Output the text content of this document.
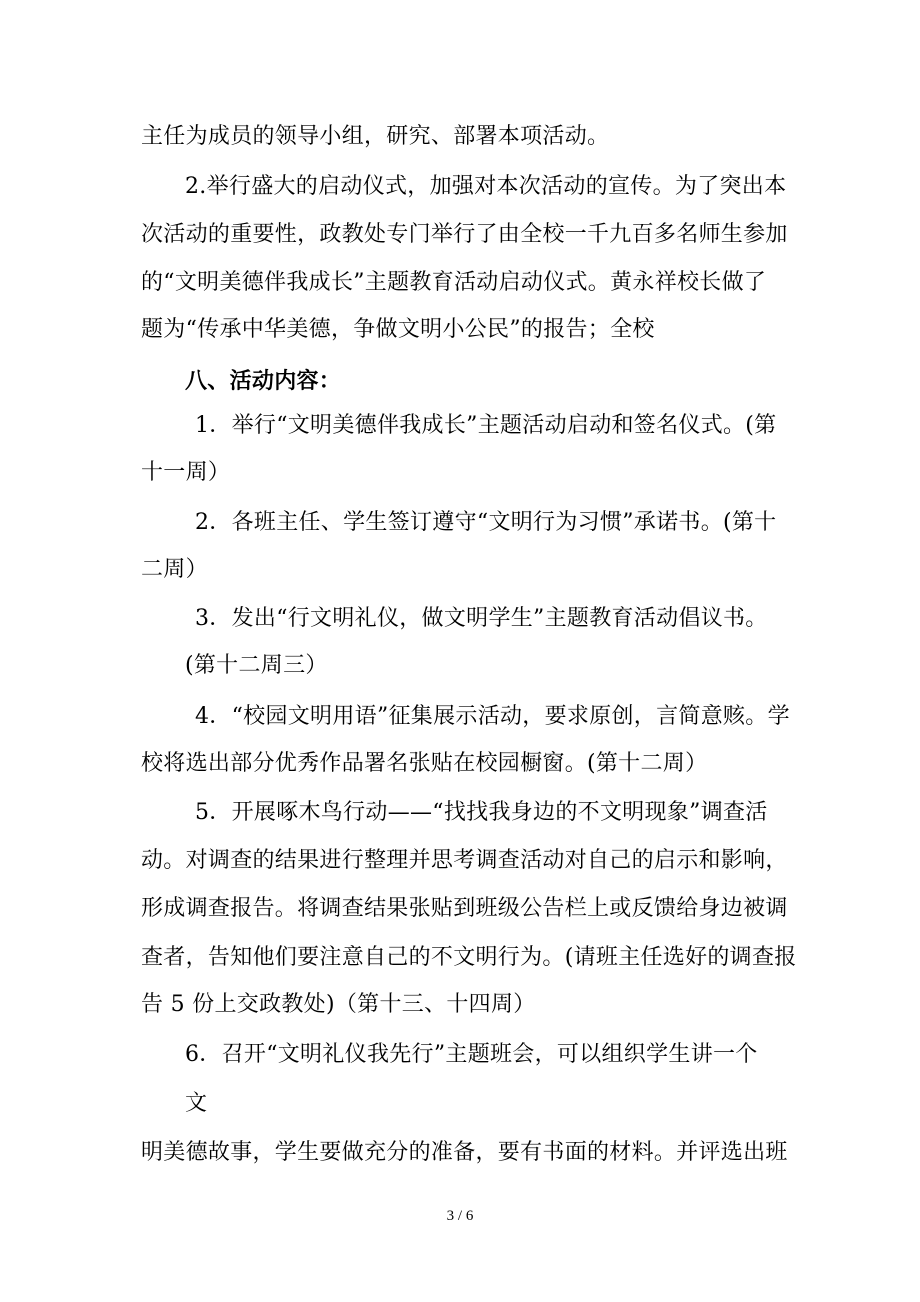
主任为成员的领导小组，研究、部署本项活动。
2.举行盛大的启动仪式，加强对本次活动的宣传。为了突出本
次活动的重要性，政教处专门举行了由全校一千九百多名师生参加
的“文明美德伴我成长”主题教育活动启动仪式。黄永祥校长做了
题为“传承中华美德，争做文明小公民”的报告；全校
八、活动内容：
1．举行“文明美德伴我成长”主题活动启动和签名仪式。(第
十一周）
2．各班主任、学生签订遵守“文明行为习惯”承诺书。(第十
二周）
3．发出“行文明礼仪，做文明学生”主题教育活动倡议书。
(第十二周三）
4．“校园文明用语”征集展示活动，要求原创，言简意赅。学
校将选出部分优秀作品署名张贴在校园橱窗。(第十二周）
5．开展啄木鸟行动——“找找我身边的不文明现象”调查活
动。对调查的结果进行整理并思考调查活动对自己的启示和影响，
形成调查报告。将调查结果张贴到班级公告栏上或反馈给身边被调
查者，告知他们要注意自己的不文明行为。(请班主任选好的调查报
告 5 份上交政教处)（第十三、十四周）
6．召开“文明礼仪我先行”主题班会，可以组织学生讲一个
文
明美德故事，学生要做充分的准备，要有书面的材料。并评选出班
3 / 6
